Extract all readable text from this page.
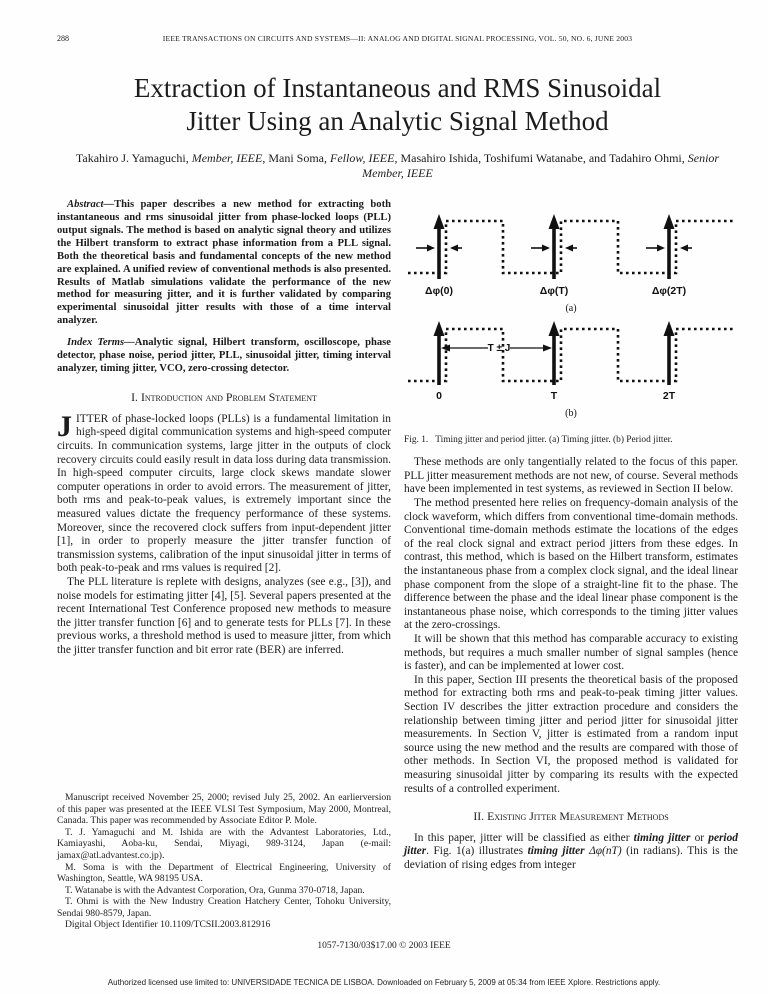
288	IEEE TRANSACTIONS ON CIRCUITS AND SYSTEMS—II: ANALOG AND DIGITAL SIGNAL PROCESSING, VOL. 50, NO. 6, JUNE 2003
Extraction of Instantaneous and RMS Sinusoidal
Jitter Using an Analytic Signal Method
Takahiro J. Yamaguchi, Member, IEEE, Mani Soma, Fellow, IEEE, Masahiro Ishida, Toshifumi Watanabe, and Tadahiro Ohmi, Senior Member, IEEE

Abstract—This paper describes a new method for extracting both instantaneous and rms sinusoidal jitter from phase-locked loops (PLL) output signals. The method is based on analytic signal theory and utilizes the Hilbert transform to extract phase information from a PLL signal. Both the theoretical basis and fundamental concepts of the new method are explained. A unified review of conventional methods is also presented. Results of Matlab simulations validate the performance of the new method for measuring jitter, and it is further validated by comparing experimental sinusoidal jitter results with those of a time interval analyzer.

Index Terms—Analytic signal, Hilbert transform, oscilloscope, phase detector, phase noise, period jitter, PLL, sinusoidal jitter, timing interval analyzer, timing jitter, VCO, zero-crossing detector.

I. Introduction and Problem Statement

JITTER of phase-locked loops (PLLs) is a fundamental limitation in high-speed digital communication systems and high-speed computer circuits. In communication systems, large jitter in the outputs of clock recovery circuits could easily result in data loss during data transmission. In high-speed computer circuits, large clock skews mandate slower computer operations in order to avoid errors. The measurement of jitter, both rms and peak-to-peak values, is extremely important since the measured values dictate the frequency performance of these systems. Moreover, since the recovered clock suffers from input-dependent jitter [1], in order to properly measure the jitter transfer function of transmission systems, calibration of the input sinusoidal jitter in terms of both peak-to-peak and rms values is required [2].

The PLL literature is replete with designs, analyzes (see e.g., [3]), and noise models for estimating jitter [4], [5]. Several papers presented at the recent International Test Conference proposed new methods to measure the jitter transfer function [6] and to generate tests for PLLs [7]. In these previous works, a threshold method is used to measure jitter, from which the jitter transfer function and bit error rate (BER) are inferred.

Manuscript received November 25, 2000; revised July 25, 2002. An earlierversion of this paper was presented at the IEEE VLSI Test Symposium, May 2000, Montreal, Canada. This paper was recommended by Associate Editor P. Mole.

T. J. Yamaguchi and M. Ishida are with the Advantest Laboratories, Ltd., Kamiayashi, Aoba-ku, Sendai, Miyagi, 989-3124, Japan (e-mail: jamax@atl.advantest.co.jp).

M. Soma is with the Department of Electrical Engineering, University of Washington, Seattle, WA 98195 USA.

T. Watanabe is with the Advantest Corporation, Ora, Gunma 370-0718, Japan.

T. Ohmi is with the New Industry Creation Hatchery Center, Tohoku University, Sendai 980-8579, Japan.

Digital Object Identifier 10.1109/TCSII.2003.812916

Δφ(0)	Δφ(T)	Δφ(2T)
(a)
T ± J
0	T	2T
(b)
Fig. 1. Timing jitter and period jitter. (a) Timing jitter. (b) Period jitter.

These methods are only tangentially related to the focus of this paper. PLL jitter measurement methods are not new, of course. Several methods have been implemented in test systems, as reviewed in Section II below.

The method presented here relies on frequency-domain analysis of the clock waveform, which differs from conventional time-domain methods. Conventional time-domain methods estimate the locations of the edges of the real clock signal and extract period jitters from these edges. In contrast, this method, which is based on the Hilbert transform, estimates the instantaneous phase from a complex clock signal, and the ideal linear phase component from the slope of a straight-line fit to the phase. The difference between the phase and the ideal linear phase component is the instantaneous phase noise, which corresponds to the timing jitter values at the zero-crossings.

It will be shown that this method has comparable accuracy to existing methods, but requires a much smaller number of signal samples (hence is faster), and can be implemented at lower cost.

In this paper, Section III presents the theoretical basis of the proposed method for extracting both rms and peak-to-peak timing jitter values. Section IV describes the jitter extraction procedure and considers the relationship between timing jitter and period jitter for sinusoidal jitter measurements. In Section V, jitter is estimated from a random input source using the new method and the results are compared with those of other methods. In Section VI, the proposed method is validated for measuring sinusoidal jitter by comparing its results with the expected results of a controlled experiment.

II. Existing Jitter Measurement Methods

In this paper, jitter will be classified as either timing jitter or period jitter. Fig. 1(a) illustrates timing jitter Δφ(nT) (in radians). This is the deviation of rising edges from integer

1057-7130/03$17.00 © 2003 IEEE
Authorized licensed use limited to: UNIVERSIDADE TECNICA DE LISBOA. Downloaded on February 5, 2009 at 05:34 from IEEE Xplore. Restrictions apply.
